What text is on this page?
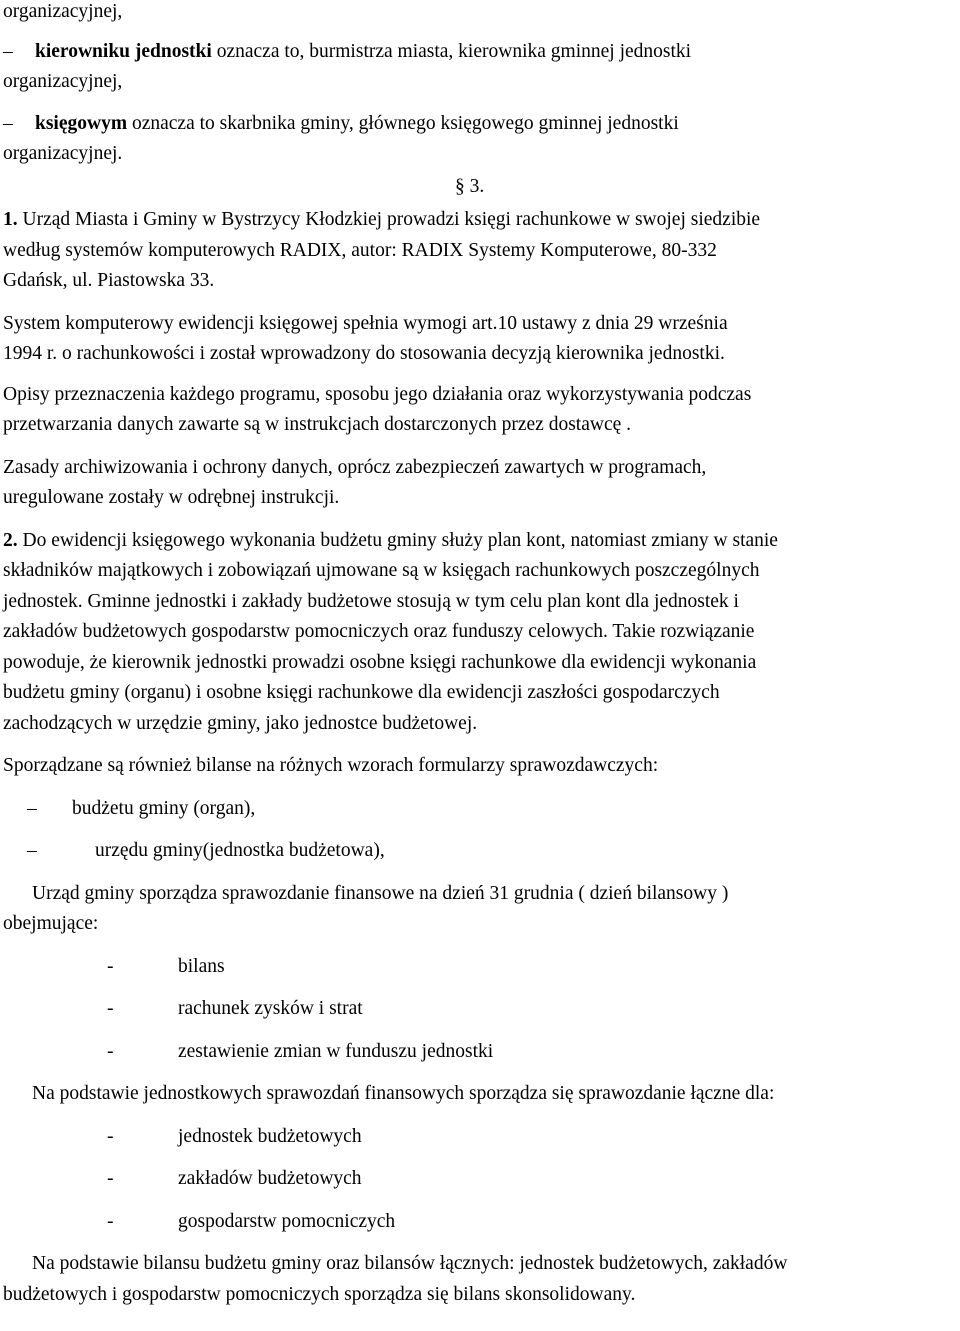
organizacyjnej,

– kierowniku jednostki oznacza to, burmistrza miasta, kierownika gminnej jednostki

organizacyjnej,

– księgowym oznacza to skarbnika gminy, głównego księgowego gminnej jednostki

organizacyjnej.

§ 3.

1. Urząd Miasta i Gminy w Bystrzycy Kłodzkiej prowadzi księgi rachunkowe w swojej siedzibie

według systemów komputerowych RADIX, autor: RADIX Systemy Komputerowe, 80-332

Gdańsk, ul. Piastowska 33.

System komputerowy ewidencji księgowej spełnia wymogi art.10 ustawy z dnia 29 września

1994 r. o rachunkowości i został wprowadzony do stosowania decyzją kierownika jednostki.

Opisy przeznaczenia każdego programu, sposobu jego działania oraz wykorzystywania podczas

przetwarzania danych zawarte są w instrukcjach dostarczonych przez dostawcę .

Zasady archiwizowania i ochrony danych, oprócz zabezpieczeń zawartych w programach,

uregulowane zostały w odrębnej instrukcji.

2. Do ewidencji księgowego wykonania budżetu gminy służy plan kont, natomiast zmiany w stanie

składników majątkowych i zobowiązań ujmowane są w księgach rachunkowych poszczególnych

jednostek. Gminne jednostki i zakłady budżetowe stosują w tym celu plan kont dla jednostek i

zakładów budżetowych gospodarstw pomocniczych oraz funduszy celowych. Takie rozwiązanie

powoduje, że kierownik jednostki prowadzi osobne księgi rachunkowe dla ewidencji wykonania

budżetu gminy (organu) i osobne księgi rachunkowe dla ewidencji zaszłości gospodarczych

zachodzących w urzędzie gminy, jako jednostce budżetowej.

Sporządzane są również bilanse na różnych wzorach formularzy sprawozdawczych:

– budżetu gminy (organ),

–	urzędu gminy(jednostka budżetowa),

Urząd gminy sporządza sprawozdanie finansowe na dzień 31 grudnia ( dzień bilansowy )

obejmujące:

-	bilans

-	rachunek zysków i strat

-	zestawienie zmian w funduszu jednostki

Na podstawie jednostkowych sprawozdań finansowych sporządza się sprawozdanie łączne dla:

-	jednostek budżetowych

-	zakładów budżetowych

-	gospodarstw pomocniczych

Na podstawie bilansu budżetu gminy oraz bilansów łącznych: jednostek budżetowych, zakładów

budżetowych i gospodarstw pomocniczych sporządza się bilans skonsolidowany.
